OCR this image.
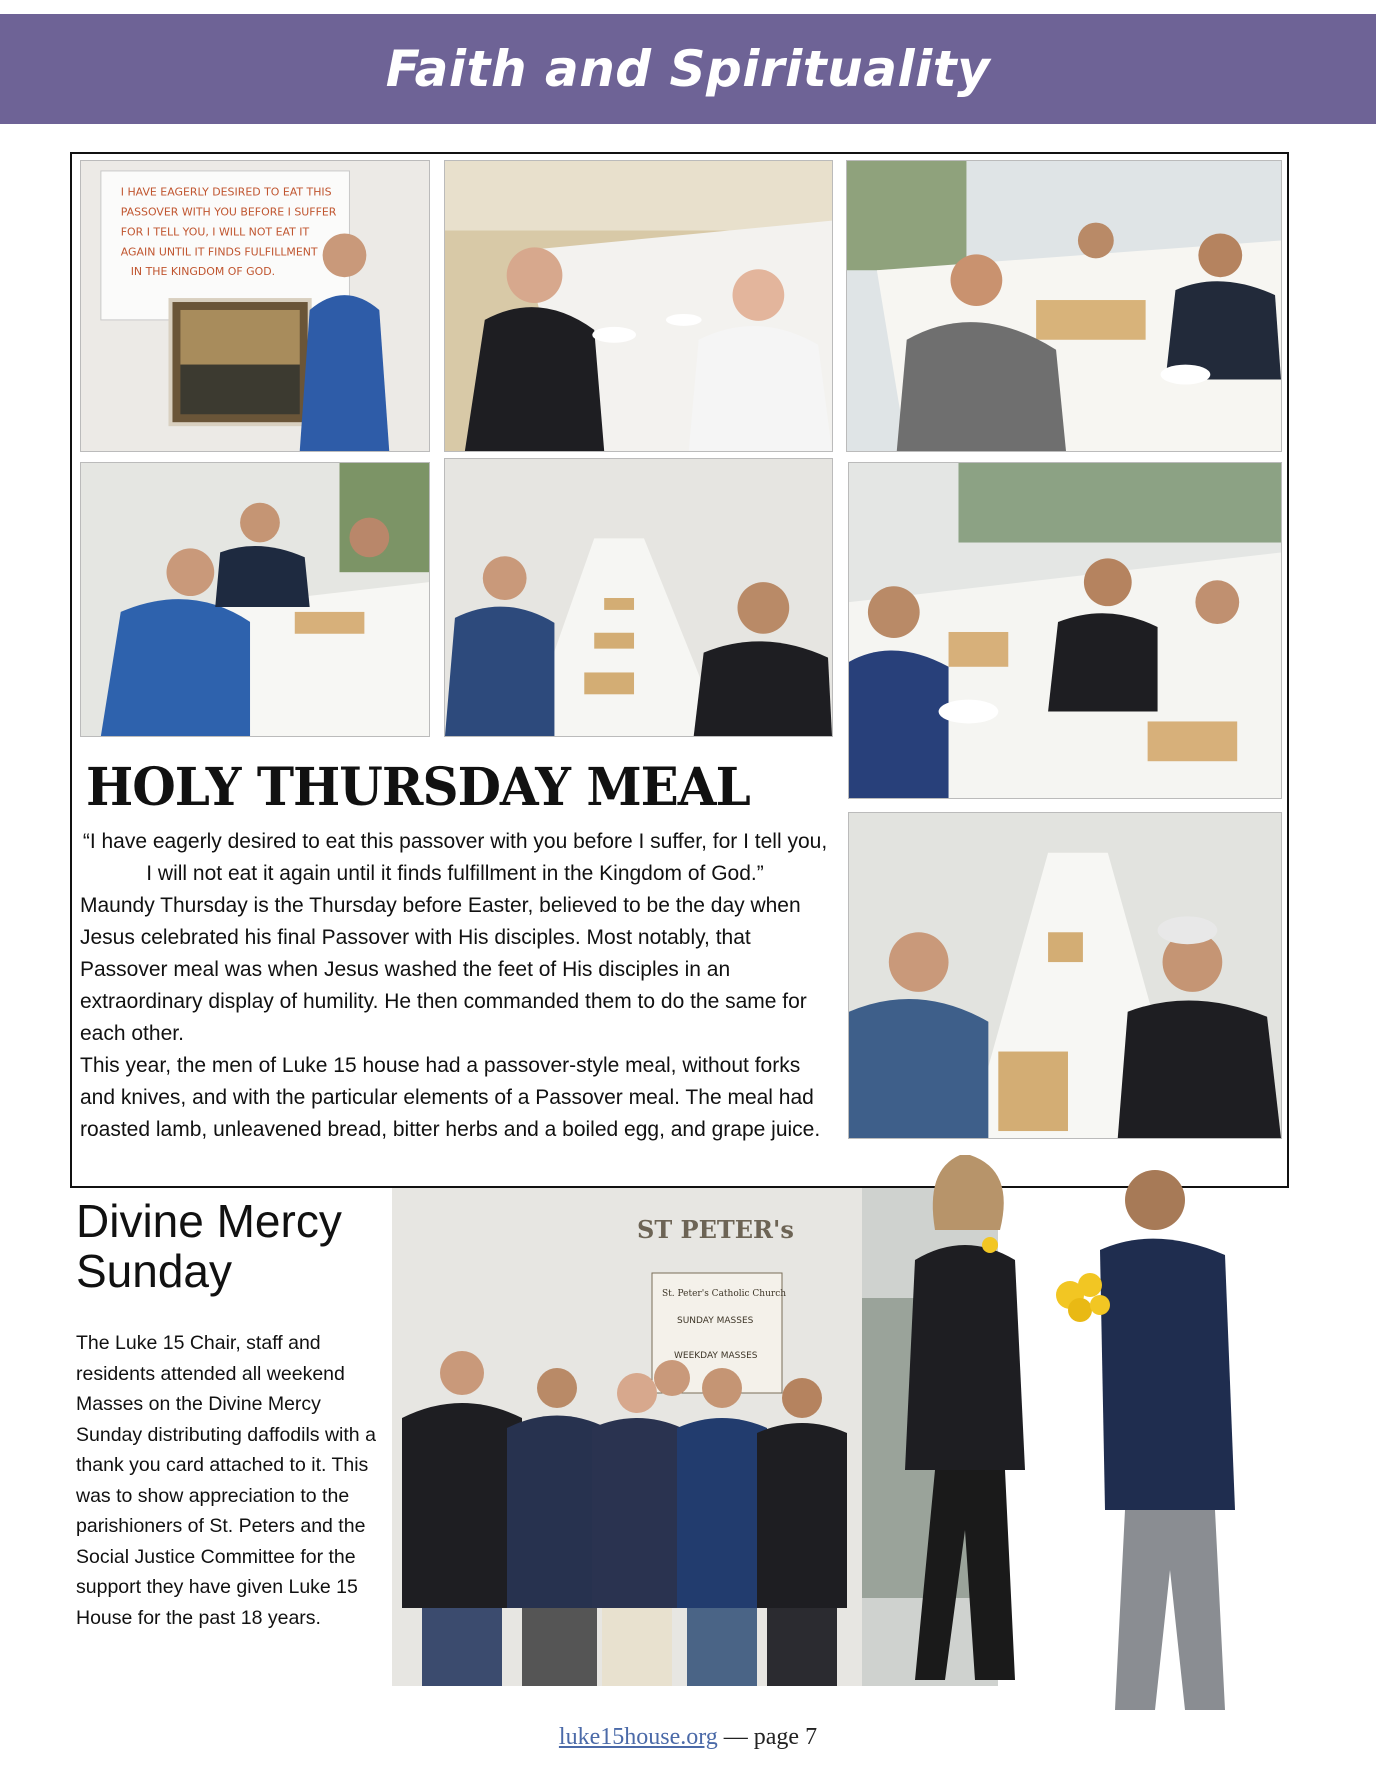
Faith and Spirituality
I HAVE EAGERLY DESIRED TO EAT THIS
PASSOVER WITH YOU BEFORE I SUFFER
FOR I TELL YOU, I WILL NOT EAT IT
AGAIN UNTIL IT FINDS FULFILLMENT
IN THE KINGDOM OF GOD.
HOLY THURSDAY MEAL

“I have eagerly desired to eat this passover with you before I suffer, for I tell you, I will not eat it again until it finds fulfillment in the Kingdom of God.”

Maundy Thursday is the Thursday before Easter, believed to be the day when Jesus celebrated his final Passover with His disciples. Most notably, that Passover meal was when Jesus washed the feet of His disciples in an extraordinary display of humility. He then commanded them to do the same for each other.

This year, the men of Luke 15 house had a passover-style meal, without forks and knives, and with the particular elements of a Passover meal. The meal had roasted lamb, unleavened bread, bitter herbs and a boiled egg, and grape juice.

Divine Mercy Sunday

The Luke 15 Chair, staff and residents attended all weekend Masses on the Divine Mercy Sunday distributing daffodils with a thank you card attached to it. This was to show appreciation to the parishioners of St. Peters and the Social Justice Committee for the support they have given Luke 15 House for the past 18 years.

ST PETER's
St. Peter's Catholic Church
SUNDAY MASSES
WEEKDAY MASSES
luke15house.org — page 7
